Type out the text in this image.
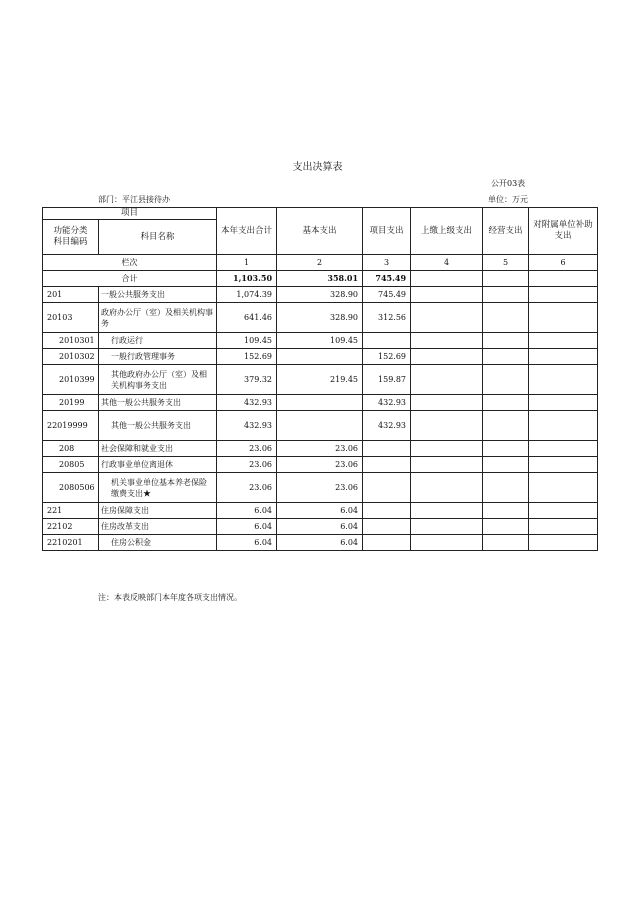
支出决算表
公开03表
部门：平江县接待办	单位：万元
项目		本年支出合计	基本支出	项目支出	上缴上级支出	经营支出	对附属单位补助支出
功能分类
科目编码	科目名称						
栏次		1	2	3	4	5	6
合计		1,103.50	358.01	745.49			
201	一般公共服务支出	1,074.39	328.90	745.49			
20103	政府办公厅（室）及相关机构事务	641.46	328.90	312.56			
2010301	行政运行	109.45	109.45				
2010302	一般行政管理事务	152.69		152.69			
2010399	其他政府办公厅（室）及相关机构事务支出	379.32	219.45	159.87			
20199	其他一般公共服务支出	432.93		432.93			
22019999	其他一般公共服务支出	432.93		432.93			
208	社会保障和就业支出	23.06	23.06				
20805	行政事业单位离退休	23.06	23.06				
2080506	机关事业单位基本养老保险缴费支出★	23.06	23.06				
221	住房保障支出	6.04	6.04				
22102	住房改革支出	6.04	6.04				
2210201	住房公积金	6.04	6.04				
注：本表反映部门本年度各项支出情况。
